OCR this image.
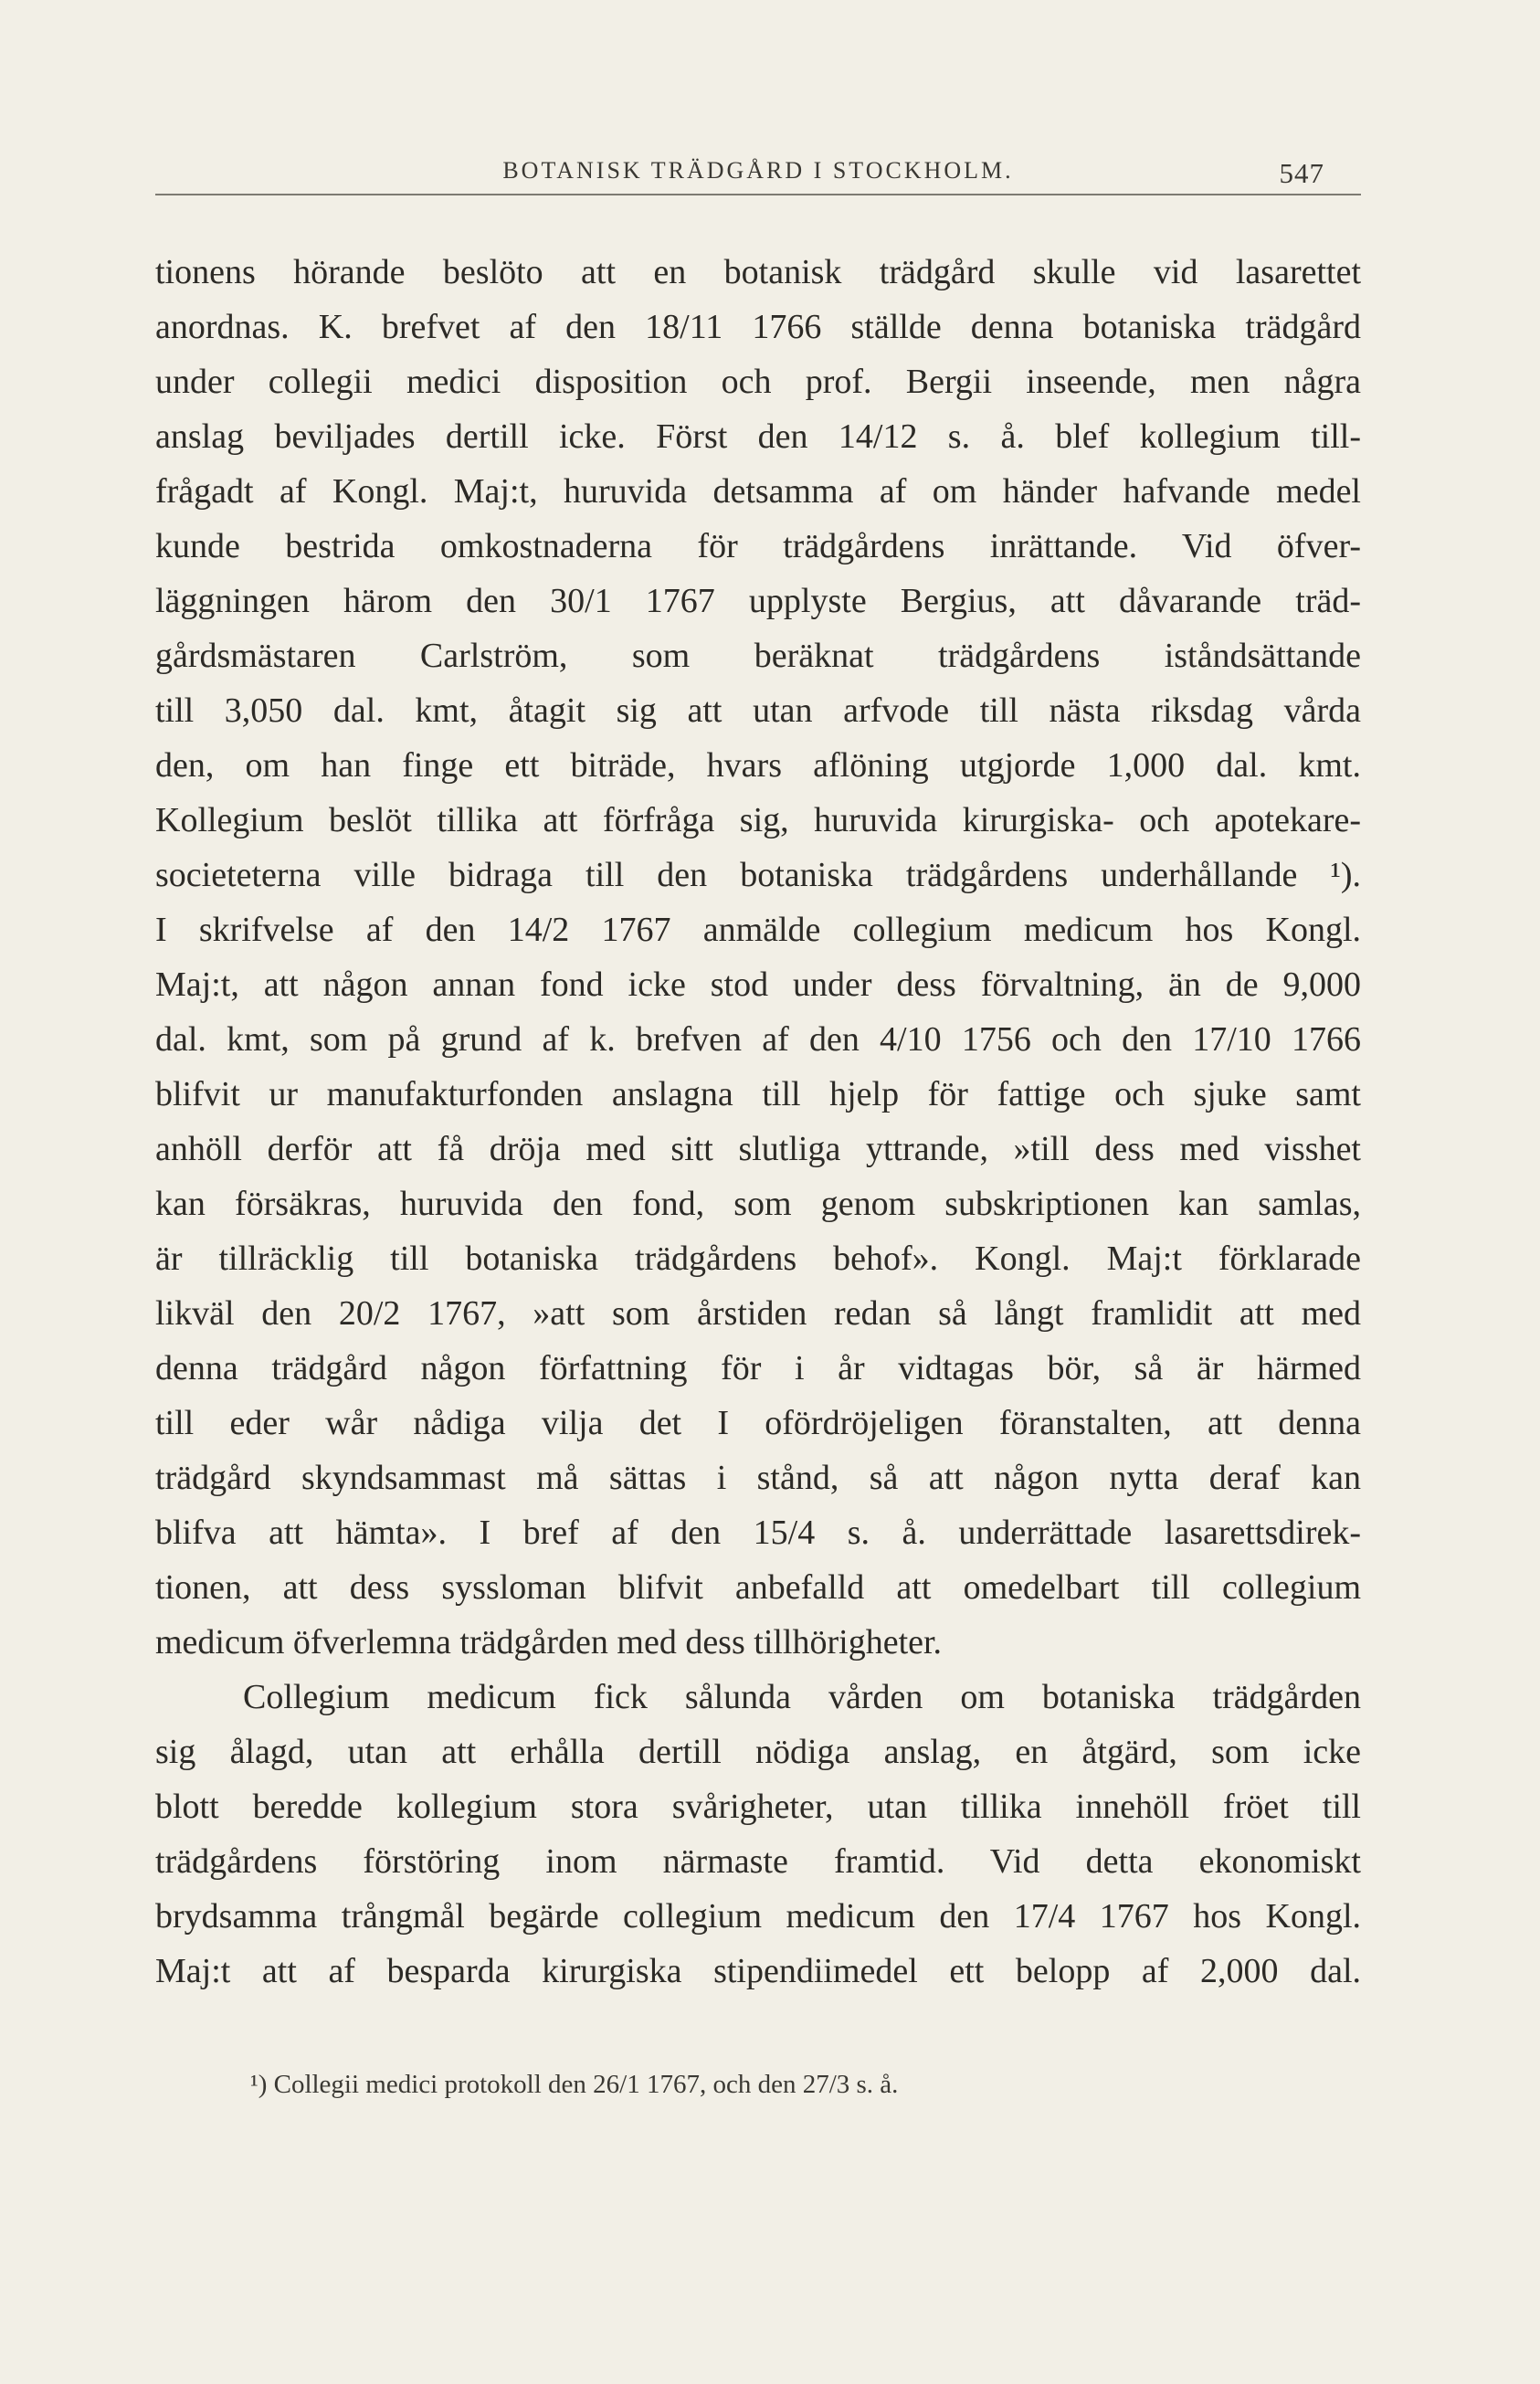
BOTANISK TRÄDGÅRD I STOCKHOLM.	547
tionens hörande beslöto att en botanisk trädgård skulle vid lasarettet
anordnas. K. brefvet af den 18/11 1766 ställde denna botaniska trädgård
under collegii medici disposition och prof. Bergii inseende, men några
anslag beviljades dertill icke. Först den 14/12 s. å. blef kollegium till-
frågadt af Kongl. Maj:t, huruvida detsamma af om händer hafvande medel
kunde bestrida omkostnaderna för trädgårdens inrättande. Vid öfver-
läggningen härom den 30/1 1767 upplyste Bergius, att dåvarande träd-
gårdsmästaren Carlström, som beräknat trädgårdens iståndsättande
till 3,050 dal. kmt, åtagit sig att utan arfvode till nästa riksdag vårda
den, om han finge ett biträde, hvars aflöning utgjorde 1,000 dal. kmt.
Kollegium beslöt tillika att förfråga sig, huruvida kirurgiska- och apotekare-
societeterna ville bidraga till den botaniska trädgårdens underhållande ¹).
I skrifvelse af den 14/2 1767 anmälde collegium medicum hos Kongl.
Maj:t, att någon annan fond icke stod under dess förvaltning, än de 9,000
dal. kmt, som på grund af k. brefven af den 4/10 1756 och den 17/10 1766
blifvit ur manufakturfonden anslagna till hjelp för fattige och sjuke samt
anhöll derför att få dröja med sitt slutliga yttrande, »till dess med visshet
kan försäkras, huruvida den fond, som genom subskriptionen kan samlas,
är tillräcklig till botaniska trädgårdens behof». Kongl. Maj:t förklarade
likväl den 20/2 1767, »att som årstiden redan så långt framlidit att med
denna trädgård någon författning för i år vidtagas bör, så är härmed
till eder wår nådiga vilja det I ofördröjeligen föranstalten, att denna
trädgård skyndsammast må sättas i stånd, så att någon nytta deraf kan
blifva att hämta». I bref af den 15/4 s. å. underrättade lasarettsdirek-
tionen, att dess syssloman blifvit anbefalld att omedelbart till collegium
medicum öfverlemna trädgården med dess tillhörigheter.
Collegium medicum fick sålunda vården om botaniska trädgården
sig ålagd, utan att erhålla dertill nödiga anslag, en åtgärd, som icke
blott beredde kollegium stora svårigheter, utan tillika innehöll fröet till
trädgårdens förstöring inom närmaste framtid. Vid detta ekonomiskt
brydsamma trångmål begärde collegium medicum den 17/4 1767 hos Kongl.
Maj:t att af besparda kirurgiska stipendiimedel ett belopp af 2,000 dal.
¹) Collegii medici protokoll den 26/1 1767, och den 27/3 s. å.
